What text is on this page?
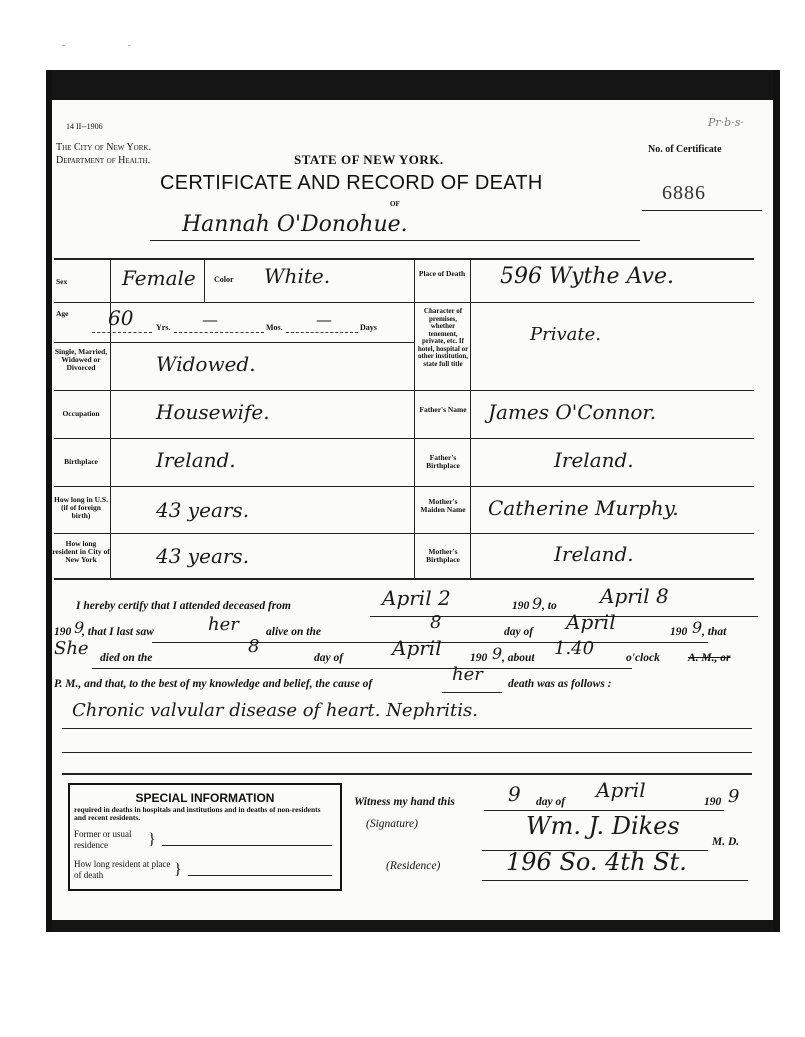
- -
14 II--1906
The City of New York.
Department of Health.	STATE OF NEW YORK.
No. of Certificate
Pr·b·s·
CERTIFICATE AND RECORD OF DEATH
OF	6886
Hannah O'Donohue.
Sex	Female Color White.	Place of Death 596 Wythe Ave.
Age 60	Yrs. —	Mos. —	Days
Character of premises, whether tenement, private, etc. If hotel, hospital or other institution, state full title
Private.
Single, Married, Widowed or Divorced	Widowed.
Occupation	Housewife.	Father's Name James O'Connor.
Birthplace	Ireland.	Father's Birthplace	Ireland.
How long in U.S. (if of foreign birth)	43 years.	Mother's Maiden Name Catherine Murphy.
How long resident in City of New York	43 years.	Mother's Birthplace	Ireland.
I hereby certify that I attended deceased from	April 2	190 9 , to April 8
190 9
, that I last saw	her alive on the	8	day of April	190 9 , that
She died on the
8
day of April 190 9 , about 1.40	o'clock A. M., or
P. M., and that, to the best of my knowledge and belief, the cause of	her death was as follows :
Chronic valvular disease of heart. Nephritis.
SPECIAL INFORMATION
required in deaths in hospitals and institutions and in deaths of non-residents and recent residents.
Former or usual residence	}
How long resident at place of death	}
Witness my hand this	9 day of April	190 9
(Signature)	Wm. J. Dikes
M. D.
(Residence)	196 So. 4th St.
